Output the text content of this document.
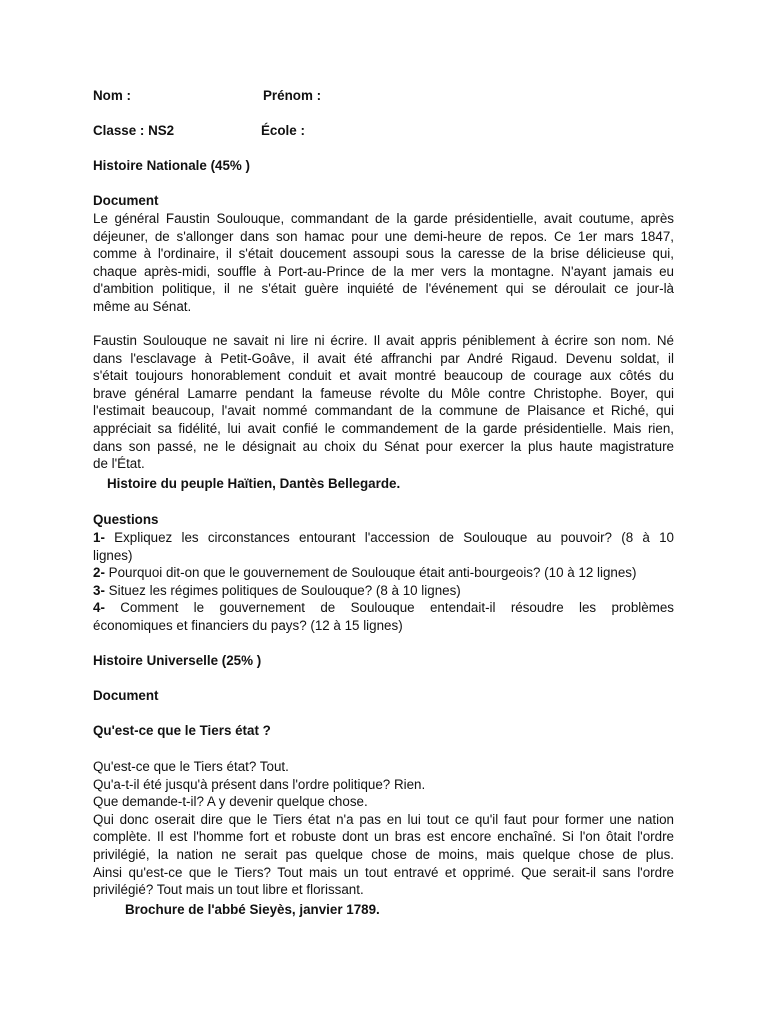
Nom :	Prénom :
Classe : NS2	École :
Histoire Nationale (45% )
Document
Le général Faustin Soulouque, commandant de la garde présidentielle, avait coutume, après
déjeuner, de s'allonger dans son hamac pour une demi-heure de repos. Ce 1er mars 1847,
comme à l'ordinaire, il s'était doucement assoupi sous la caresse de la brise délicieuse qui,
chaque après-midi, souffle à Port-au-Prince de la mer vers la montagne. N'ayant jamais eu
d'ambition politique, il ne s'était guère inquiété de l'événement qui se déroulait ce jour-là
même au Sénat.
Faustin Soulouque ne savait ni lire ni écrire. Il avait appris péniblement à écrire son nom. Né
dans l'esclavage à Petit-Goâve, il avait été affranchi par André Rigaud. Devenu soldat, il
s'était toujours honorablement conduit et avait montré beaucoup de courage aux côtés du
brave général Lamarre pendant la fameuse révolte du Môle contre Christophe. Boyer, qui
l'estimait beaucoup, l'avait nommé commandant de la commune de Plaisance et Riché, qui
appréciait sa fidélité, lui avait confié le commandement de la garde présidentielle. Mais rien,
dans son passé, ne le désignait au choix du Sénat pour exercer la plus haute magistrature
de l'État.
Histoire du peuple Haïtien, Dantès Bellegarde.
Questions
1- Expliquez les circonstances entourant l'accession de Soulouque au pouvoir? (8 à 10
lignes)
2- Pourquoi dit-on que le gouvernement de Soulouque était anti-bourgeois? (10 à 12 lignes)
3- Situez les régimes politiques de Soulouque? (8 à 10 lignes)
4- Comment le gouvernement de Soulouque entendait-il résoudre les problèmes
économiques et financiers du pays? (12 à 15 lignes)
Histoire Universelle (25% )
Document
Qu'est-ce que le Tiers état ?
Qu'est-ce que le Tiers état? Tout.
Qu'a-t-il été jusqu'à présent dans l'ordre politique? Rien.
Que demande-t-il? A y devenir quelque chose.
Qui donc oserait dire que le Tiers état n'a pas en lui tout ce qu'il faut pour former une nation
complète. Il est l'homme fort et robuste dont un bras est encore enchaîné. Si l'on ôtait l'ordre
privilégié, la nation ne serait pas quelque chose de moins, mais quelque chose de plus.
Ainsi qu'est-ce que le Tiers? Tout mais un tout entravé et opprimé. Que serait-il sans l'ordre
privilégié? Tout mais un tout libre et florissant.
Brochure de l'abbé Sieyès, janvier 1789.
